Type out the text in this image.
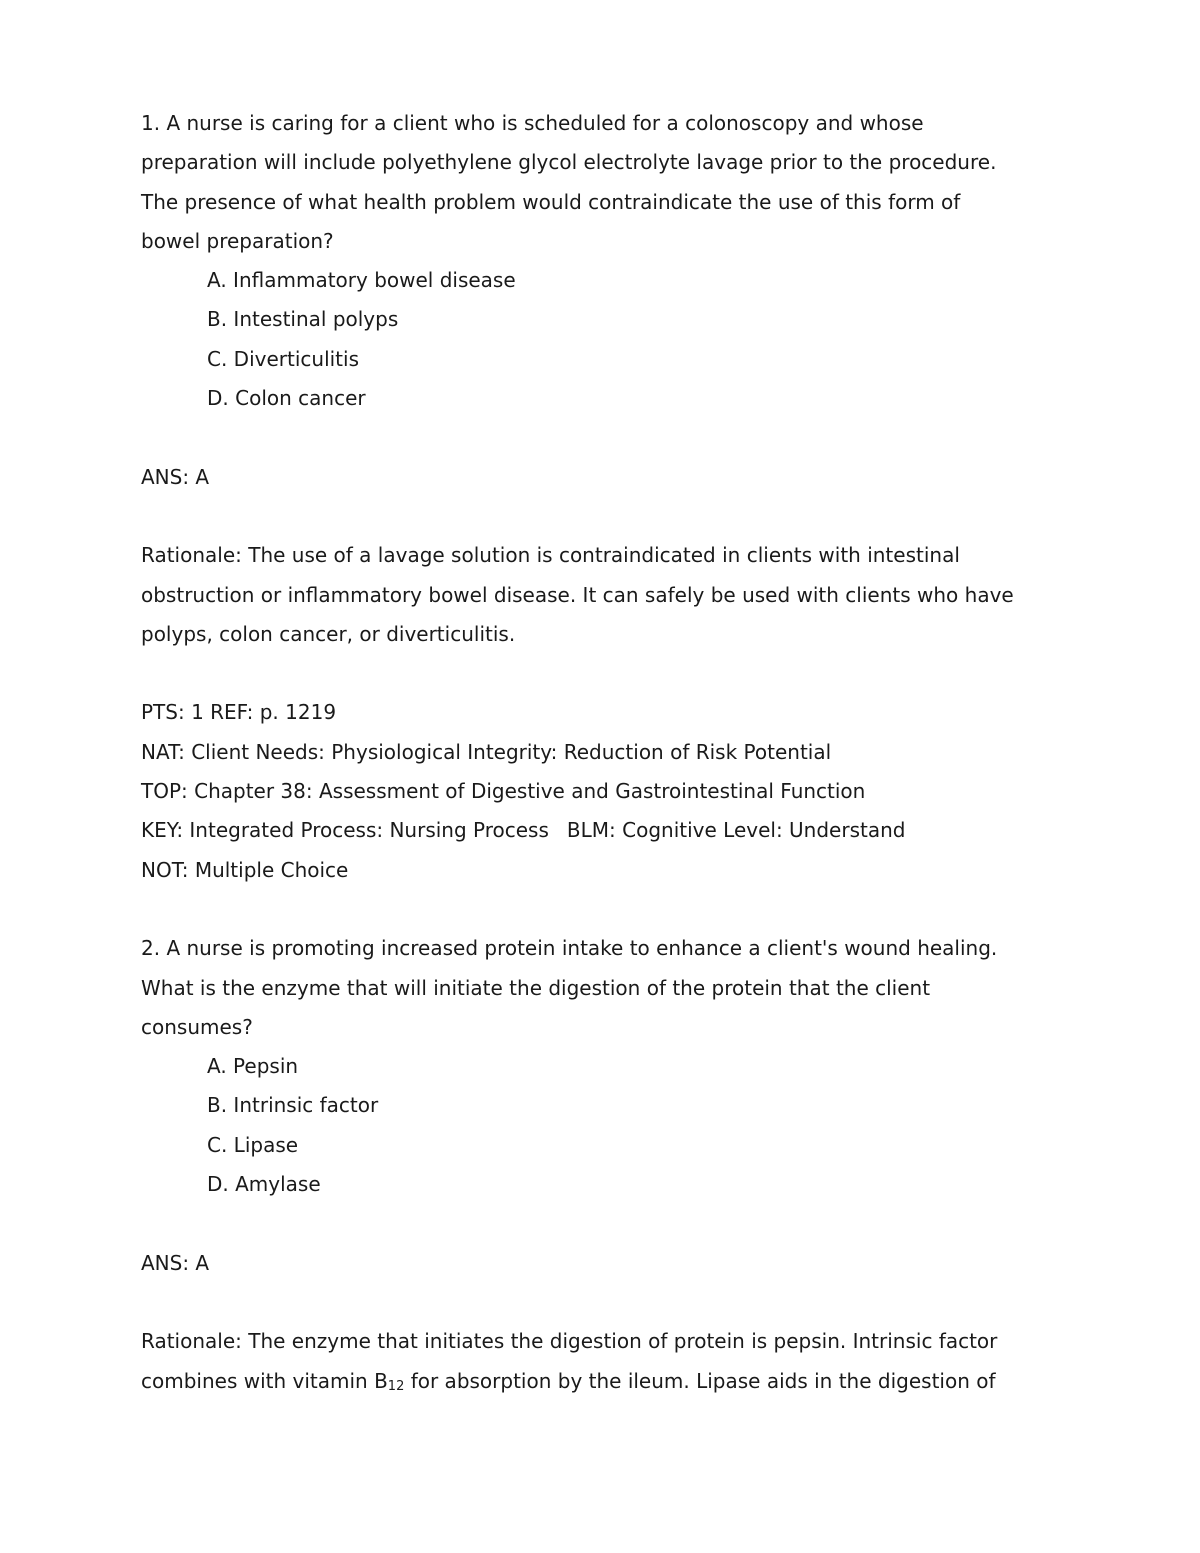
1. A nurse is caring for a client who is scheduled for a colonoscopy and whose
preparation will include polyethylene glycol electrolyte lavage prior to the procedure.
The presence of what health problem would contraindicate the use of this form of
bowel preparation?
A. Inflammatory bowel disease
B. Intestinal polyps
C. Diverticulitis
D. Colon cancer
ANS: A
Rationale: The use of a lavage solution is contraindicated in clients with intestinal
obstruction or inflammatory bowel disease. It can safely be used with clients who have
polyps, colon cancer, or diverticulitis.
PTS: 1 REF: p. 1219
NAT: Client Needs: Physiological Integrity: Reduction of Risk Potential
TOP: Chapter 38: Assessment of Digestive and Gastrointestinal Function
KEY: Integrated Process: Nursing Process BLM: Cognitive Level: Understand
NOT: Multiple Choice
2. A nurse is promoting increased protein intake to enhance a client's wound healing.
What is the enzyme that will initiate the digestion of the protein that the client
consumes?
A. Pepsin
B. Intrinsic factor
C. Lipase
D. Amylase
ANS: A
Rationale: The enzyme that initiates the digestion of protein is pepsin. Intrinsic factor
combines with vitamin B12 for absorption by the ileum. Lipase aids in the digestion of
